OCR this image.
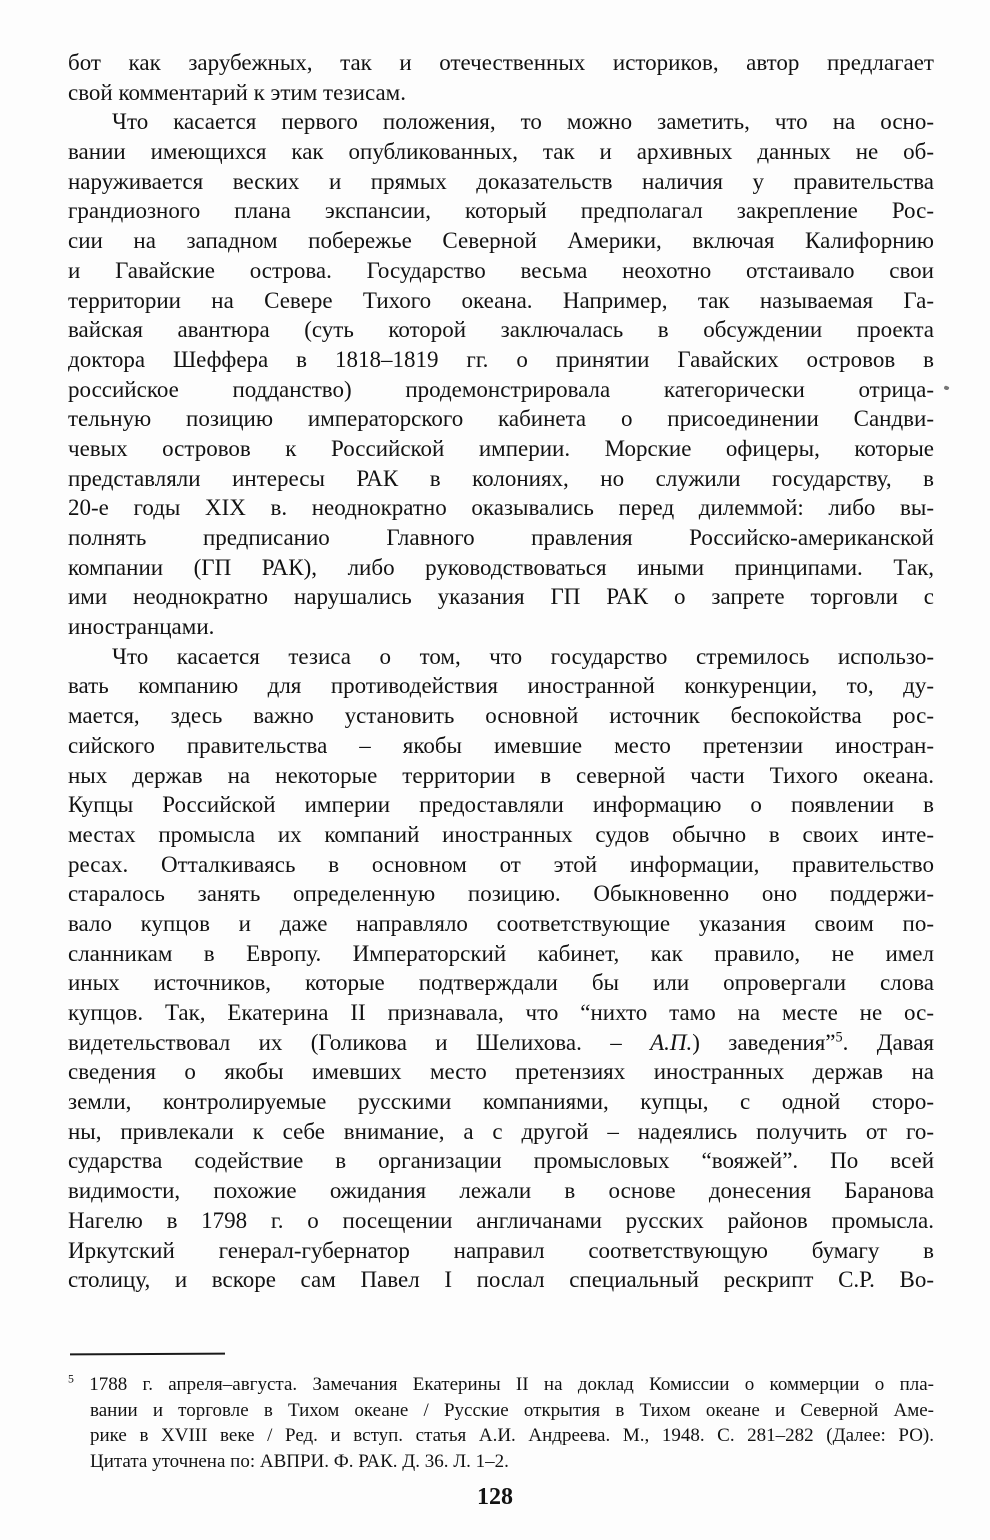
бот как зарубежных, так и отечественных историков, автор предлагает
свой комментарий к этим тезисам.
Что касается первого положения, то можно заметить, что на осно-
вании имеющихся как опубликованных, так и архивных данных не об-
наруживается веских и прямых доказательств наличия у правительства
грандиозного плана экспансии, который предполагал закрепление Рос-
сии на западном побережье Северной Америки, включая Калифорнию
и Гавайские острова. Государство весьма неохотно отстаивало свои
территории на Севере Тихого океана. Например, так называемая Га-
вайская авантюра (суть которой заключалась в обсуждении проекта
доктора Шеффера в 1818–1819 гг. о принятии Гавайских островов в
российское подданство) продемонстрировала категорически отрица-
тельную позицию императорского кабинета о присоединении Сандви-
чевых островов к Российской империи. Морские офицеры, которые
представляли интересы РАК в колониях, но служили государству, в
20-е годы XIX в. неоднократно оказывались перед дилеммой: либо вы-
полнять предписанио Главного правления Российско-американской
компании (ГП РАК), либо руководствоваться иными принципами. Так,
ими неоднократно нарушались указания ГП РАК о запрете торговли с
иностранцами.
Что касается тезиса о том, что государство стремилось использо-
вать компанию для противодействия иностранной конкуренции, то, ду-
мается, здесь важно установить основной источник беспокойства рос-
сийского правительства – якобы имевшие место претензии иностран-
ных держав на некоторые территории в северной части Тихого океана.
Купцы Российской империи предоставляли информацию о появлении в
местах промысла их компаний иностранных судов обычно в своих инте-
ресах. Отталкиваясь в основном от этой информации, правительство
старалось занять определенную позицию. Обыкновенно оно поддержи-
вало купцов и даже направляло соответствующие указания своим по-
сланникам в Европу. Императорский кабинет, как правило, не имел
иных источников, которые подтверждали бы или опровергали слова
купцов. Так, Екатерина II признавала, что “нихто тамо на месте не ос-
видетельствовал их (Голикова и Шелихова. – А.П.) заведения”$^5$. Давая
сведения о якобы имевших место претензиях иностранных держав на
земли, контролируемые русскими компаниями, купцы, с одной сторо-
ны, привлекали к себе внимание, а с другой – надеялись получить от го-
сударства содействие в организации промысловых “вояжей”. По всей
видимости, похожие ожидания лежали в основе донесения Баранова
Нагелю в 1798 г. о посещении англичанами русских районов промысла.
Иркутский генерал-губернатор направил соответствующую бумагу в
столицу, и вскоре сам Павел I послал специальный рескрипт С.Р. Во-
$^5$ 1788 г. апреля–августа. Замечания Екатерины II на доклад Комиссии о коммерции о пла-
вании и торговле в Тихом океане / Русские открытия в Тихом океане и Северной Аме-
рике в XVIII веке / Ред. и вступ. статья А.И. Андреева. М., 1948. С. 281–282 (Далее: РО).
Цитата уточнена по: АВПРИ. Ф. РАК. Д. 36. Л. 1–2.
128
